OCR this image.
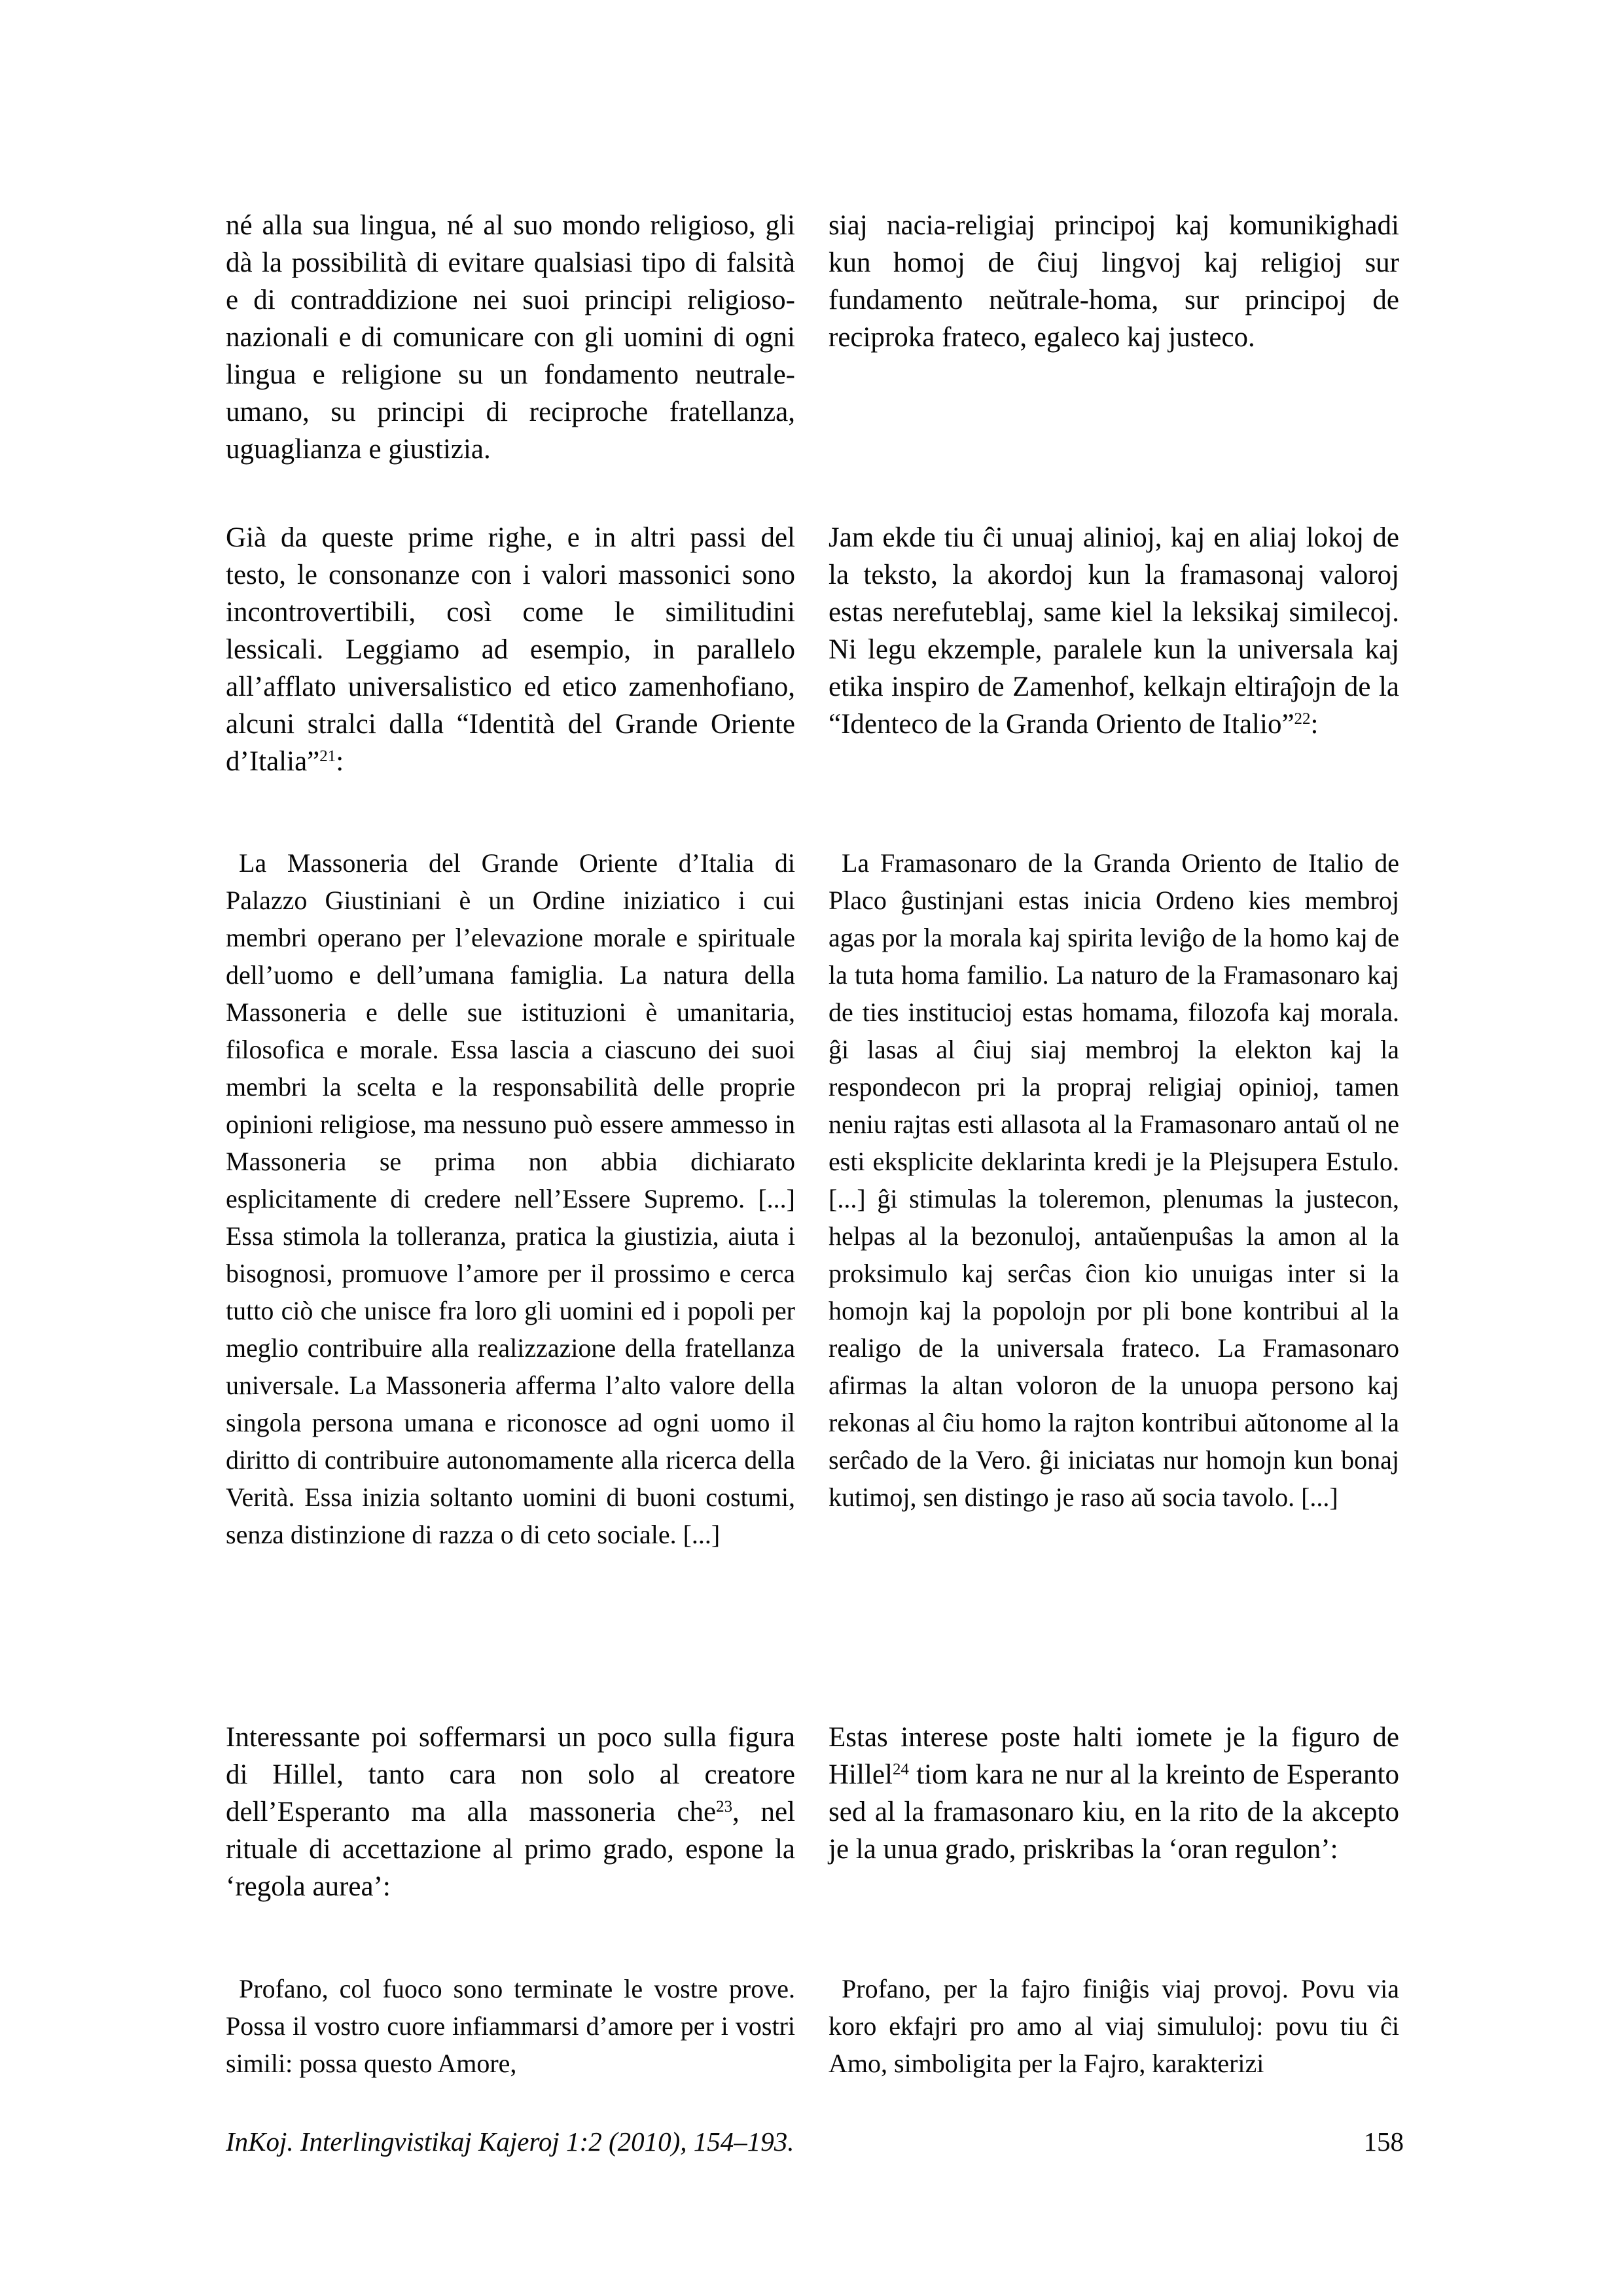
né alla sua lingua, né al suo mondo religioso, gli dà la possibilità di evitare qualsiasi tipo di falsità e di contraddizione nei suoi principi religioso-nazionali e di comunicare con gli uomini di ogni lingua e religione su un fondamento neutrale-umano, su principi di reciproche fratellanza, uguaglianza e giustizia.
siaj nacia-religiaj principoj kaj komunikighadi kun homoj de ĉiuj lingvoj kaj religioj sur fundamento neŭtrale-homa, sur principoj de reciproka frateco, egaleco kaj justeco.
Già da queste prime righe, e in altri passi del testo, le consonanze con i valori massonici sono incontrovertibili, così come le similitudini lessicali. Leggiamo ad esempio, in parallelo all’afflato universalistico ed etico zamenhofiano, alcuni stralci dalla “Identità del Grande Oriente d’Italia”$^{21}$:
Jam ekde tiu ĉi unuaj alinioj, kaj en aliaj lokoj de la teksto, la akordoj kun la framasonaj valoroj estas nerefuteblaj, same kiel la leksikaj similecoj. Ni legu ekzemple, paralele kun la universala kaj etika inspiro de Zamenhof, kelkajn eltiraĵojn de la “Identeco de la Granda Oriento de Italio”$^{22}$:
La Massoneria del Grande Oriente d’Italia di Palazzo Giustiniani è un Ordine iniziatico i cui membri operano per l’elevazione morale e spirituale dell’uomo e dell’umana famiglia. La natura della Massoneria e delle sue istituzioni è umanitaria, filosofica e morale. Essa lascia a ciascuno dei suoi membri la scelta e la responsabilità delle proprie opinioni religiose, ma nessuno può essere ammesso in Massoneria se prima non abbia dichiarato esplicitamente di credere nell’Essere Supremo. [...] Essa stimola la tolleranza, pratica la giustizia, aiuta i bisognosi, promuove l’amore per il prossimo e cerca tutto ciò che unisce fra loro gli uomini ed i popoli per meglio contribuire alla realizzazione della fratellanza universale. La Massoneria afferma l’alto valore della singola persona umana e riconosce ad ogni uomo il diritto di contribuire autonomamente alla ricerca della Verità. Essa inizia soltanto uomini di buoni costumi, senza distinzione di razza o di ceto sociale. [...]
La Framasonaro de la Granda Oriento de Italio de Placo ĝustinjani estas inicia Ordeno kies membroj agas por la morala kaj spirita leviĝo de la homo kaj de la tuta homa familio. La naturo de la Framasonaro kaj de ties institucioj estas homama, filozofa kaj morala. ĝi lasas al ĉiuj siaj membroj la elekton kaj la respondecon pri la propraj religiaj opinioj, tamen neniu rajtas esti allasota al la Framasonaro antaŭ ol ne esti eksplicite deklarinta kredi je la Plejsupera Estulo. [...] ĝi stimulas la toleremon, plenumas la justecon, helpas al la bezonuloj, antaŭenpuŝas la amon al la proksimulo kaj serĉas ĉion kio unuigas inter si la homojn kaj la popolojn por pli bone kontribui al la realigo de la universala frateco. La Framasonaro afirmas la altan voloron de la unuopa persono kaj rekonas al ĉiu homo la rajton kontribui aŭtonome al la serĉado de la Vero. ĝi iniciatas nur homojn kun bonaj kutimoj, sen distingo je raso aŭ socia tavolo. [...]
Interessante poi soffermarsi un poco sulla figura di Hillel, tanto cara non solo al creatore dell’Esperanto ma alla massoneria che$^{23}$, nel rituale di accettazione al primo grado, espone la ‘regola aurea’:
Estas interese poste halti iomete je la figuro de Hillel$^{24}$ tiom kara ne nur al la kreinto de Esperanto sed al la framasonaro kiu, en la rito de la akcepto je la unua grado, priskribas la ‘oran regulon’:
Profano, col fuoco sono terminate le vostre prove. Possa il vostro cuore infiammarsi d’amore per i vostri simili: possa questo Amore,
Profano, per la fajro finiĝis viaj provoj. Povu via koro ekfajri pro amo al viaj simululoj: povu tiu ĉi Amo, simboligita per la Fajro, karakterizi
InKoj. Interlingvistikaj Kajeroj 1:2 (2010), 154–193.	158
